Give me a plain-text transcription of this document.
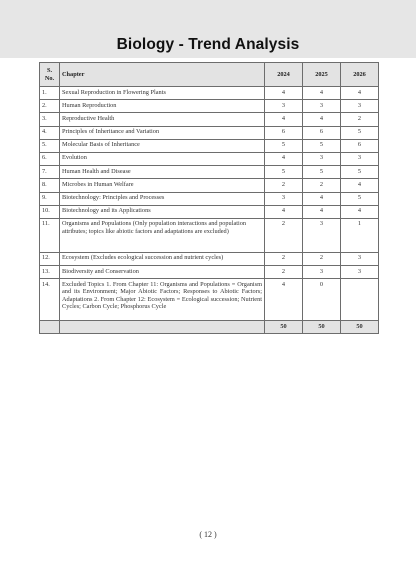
Biology - Trend Analysis
S.
No.	Chapter	2024	2025	2026
1.	Sexual Reproduction in Flowering Plants	4	4	4
2.	Human Reproduction	3	3	3
3.	Reproductive Health	4	4	2
4.	Principles of Inheritance and Variation	6	6	5
5.	Molecular Basis of Inheritance	5	5	6
6.	Evolution	4	3	3
7.	Human Health and Disease	5	5	5
8.	Microbes in Human Welfare	2	2	4
9.	Biotechnology: Principles and Processes	3	4	5
10.	Biotechnology and its Applications	4	4	4
11.	Organisms and Populations (Only population interactions and population attributes; topics like abiotic factors and adaptations are excluded)	2	3	1
12.	Ecosystem (Excludes ecological succession and nutrient cycles)	2	2	3
13.	Biodiversity and Conservation	2	3	3
14.	Excluded Topics 1. From Chapter 11: Organisms and Populations = Organism and its Environment; Major Abiotic Factors; Responses to Abiotic Factors; Adaptations 2. From Chapter 12: Ecosystem = Ecological succession; Nutrient Cycles; Carbon Cycle; Phosphorus Cycle	4	0	
		50	50	50
( 12 )
